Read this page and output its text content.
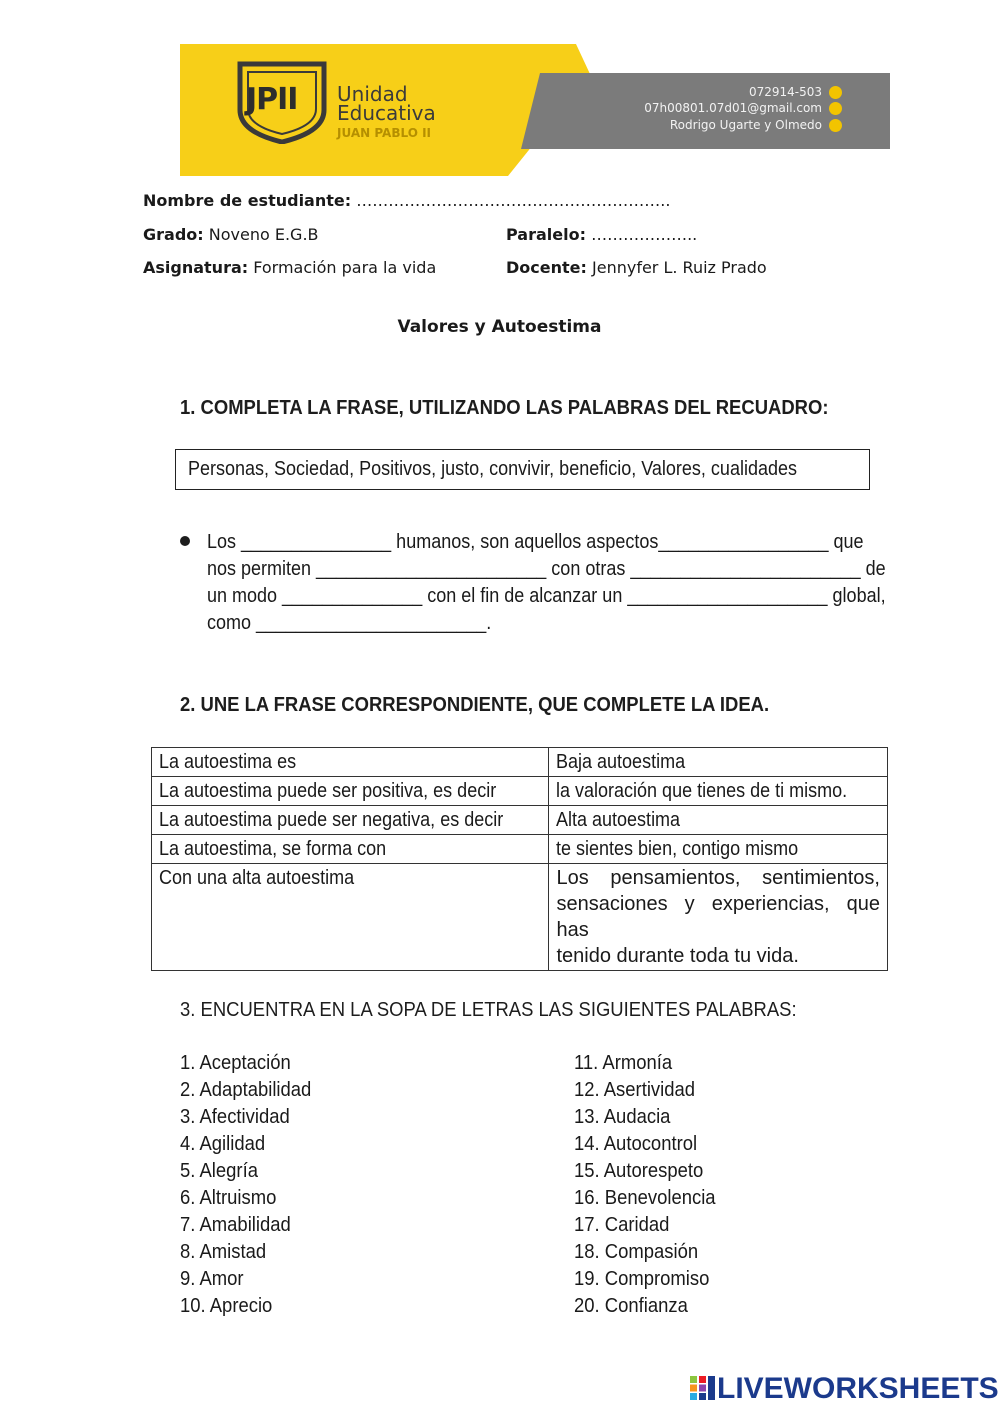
JPII Unidad
Educativa
JUAN PABLO II
072914-503
07h00801.07d01@gmail.com
Rodrigo Ugarte y Olmedo
Nombre de estudiante: …………………………………………………..
Grado: Noveno E.G.B	Paralelo: ………………..
Asignatura: Formación para la vida	Docente: Jennyfer L. Ruiz Prado
Valores y Autoestima
1. COMPLETA LA FRASE, UTILIZANDO LAS PALABRAS DEL RECUADRO:
Personas, Sociedad, Positivos, justo, convivir, beneficio, Valores, cualidades
Los _______________ humanos, son aquellos aspectos_________________ que
nos permiten _______________________ con otras _______________________ de
un modo ______________ con el fin de alcanzar un ____________________ global,
como _______________________.
2. UNE LA FRASE CORRESPONDIENTE, QUE COMPLETE LA IDEA.
La autoestima es	Baja autoestima
La autoestima puede ser positiva, es decir	la valoración que tienes de ti mismo.
La autoestima puede ser negativa, es decir	Alta autoestima
La autoestima, se forma con	te sientes bien, contigo mismo
Con una alta autoestima	Los pensamientos, sentimientos,
sensaciones y experiencias, que has
tenido durante toda tu vida.
3. ENCUENTRA EN LA SOPA DE LETRAS LAS SIGUIENTES PALABRAS:
1. Aceptación
2. Adaptabilidad
3. Afectividad
4. Agilidad
5. Alegría
6. Altruismo
7. Amabilidad
8. Amistad
9. Amor
10. Aprecio
11. Armonía
12. Asertividad
13. Audacia
14. Autocontrol
15. Autorespeto
16. Benevolencia
17. Caridad
18. Compasión
19. Compromiso
20. Confianza
LIVEWORKSHEETS
